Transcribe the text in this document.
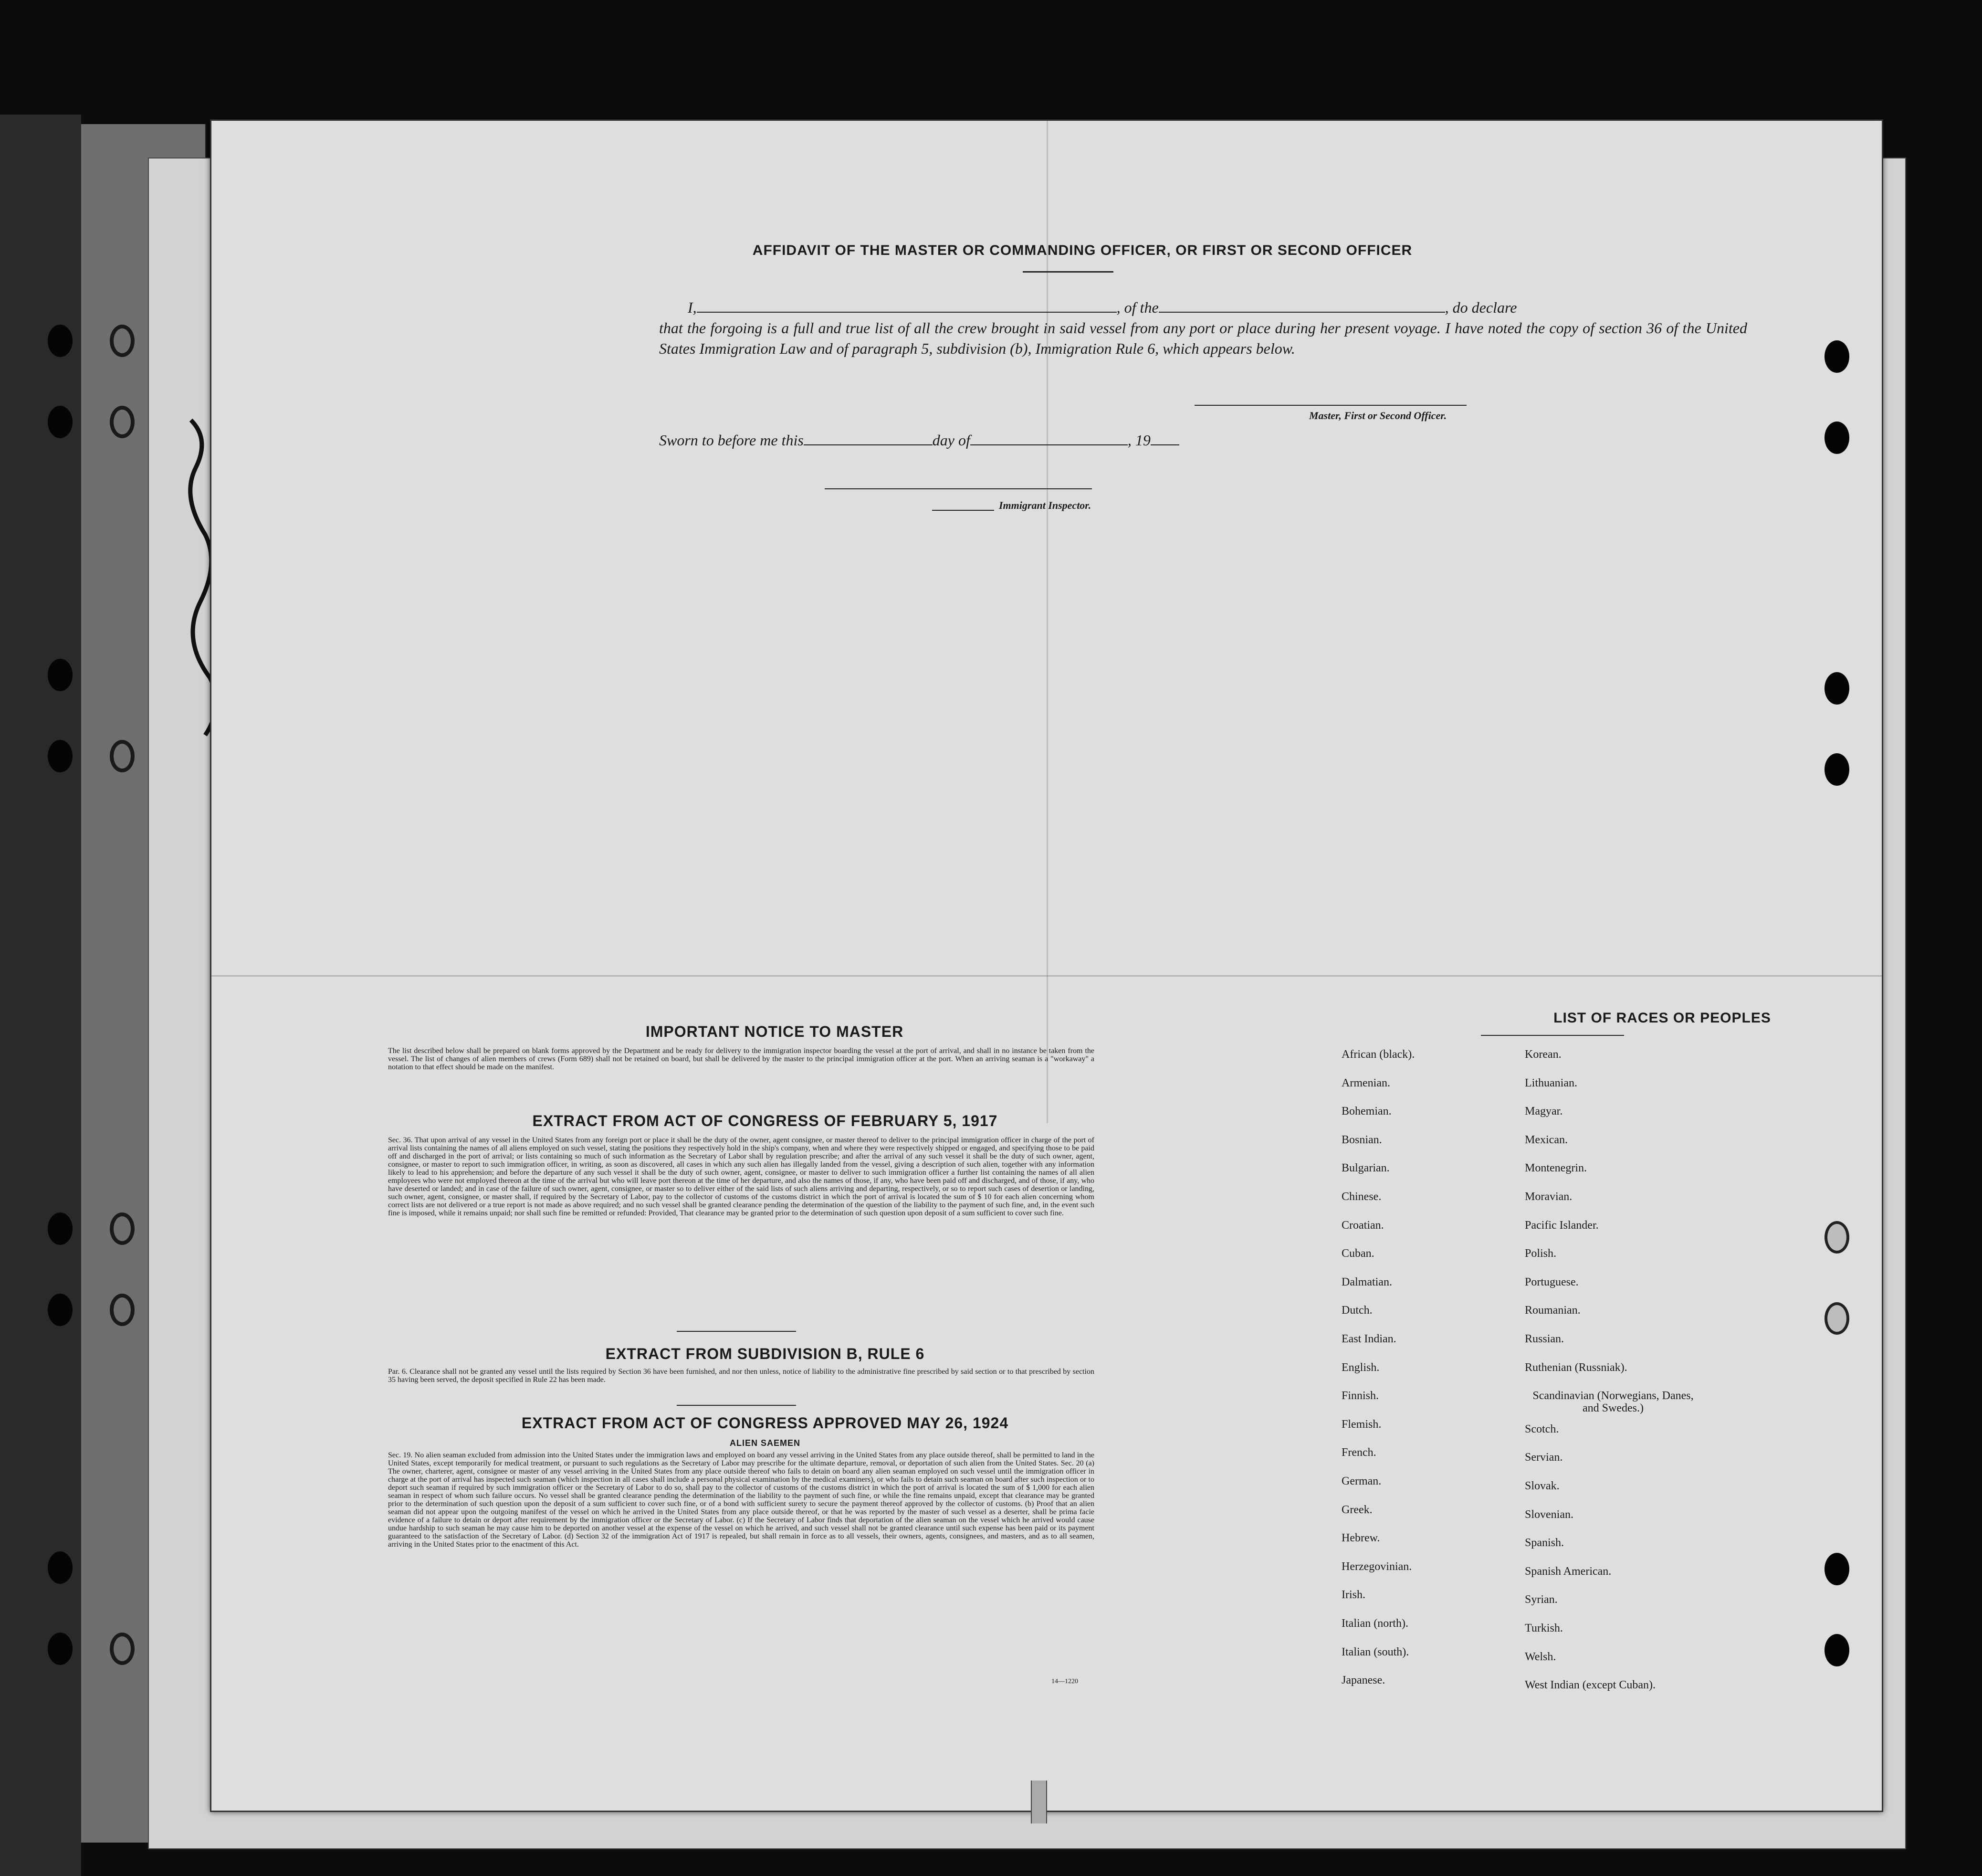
AFFIDAVIT OF THE MASTER OR COMMANDING OFFICER, OR FIRST OR SECOND OFFICER
I,	, of the	, do declare
that the forgoing is a full and true list of all the crew brought in said vessel from any port or place during her present voyage. I have noted the copy of section 36 of the United States Immigration Law and of paragraph 5, subdivision (b), Immigration Rule 6, which appears below.
Master, First or Second Officer.
Sworn to before me this	day of	, 19
Immigrant Inspector.
IMPORTANT NOTICE TO MASTER
The list described below shall be prepared on blank forms approved by the Department and be ready for delivery to the immigration inspector boarding the vessel at the port of arrival, and shall in no instance be taken from the vessel. The list of changes of alien members of crews (Form 689) shall not be retained on board, but shall be delivered by the master to the principal immigration officer at the port. When an arriving seaman is a "workaway" a notation to that effect should be made on the manifest.
EXTRACT FROM ACT OF CONGRESS OF FEBRUARY 5, 1917
Sec. 36. That upon arrival of any vessel in the United States from any foreign port or place it shall be the duty of the owner, agent consignee, or master thereof to deliver to the principal immigration officer in charge of the port of arrival lists containing the names of all aliens employed on such vessel, stating the positions they respectively hold in the ship's company, when and where they were respectively shipped or engaged, and specifying those to be paid off and discharged in the port of arrival; or lists containing so much of such information as the Secretary of Labor shall by regulation prescribe; and after the arrival of any such vessel it shall be the duty of such owner, agent, consignee, or master to report to such immigration officer, in writing, as soon as discovered, all cases in which any such alien has illegally landed from the vessel, giving a description of such alien, together with any information likely to lead to his apprehension; and before the departure of any such vessel it shall be the duty of such owner, agent, consignee, or master to deliver to such immigration officer a further list containing the names of all alien employees who were not employed thereon at the time of the arrival but who will leave port thereon at the time of her departure, and also the names of those, if any, who have been paid off and discharged, and of those, if any, who have deserted or landed; and in case of the failure of such owner, agent, consignee, or master so to deliver either of the said lists of such aliens arriving and departing, respectively, or so to report such cases of desertion or landing, such owner, agent, consignee, or master shall, if required by the Secretary of Labor, pay to the collector of customs of the customs district in which the port of arrival is located the sum of $ 10 for each alien concerning whom correct lists are not delivered or a true report is not made as above required; and no such vessel shall be granted clearance pending the determination of the question of the liability to the payment of such fine, and, in the event such fine is imposed, while it remains unpaid; nor shall such fine be remitted or refunded: Provided, That clearance may be granted prior to the determination of such question upon deposit of a sum sufficient to cover such fine.
EXTRACT FROM SUBDIVISION B, RULE 6
Par. 6. Clearance shall not be granted any vessel until the lists required by Section 36 have been furnished, and nor then unless, notice of liability to the administrative fine prescribed by said section or to that prescribed by section 35 having been served, the deposit specified in Rule 22 has been made.
EXTRACT FROM ACT OF CONGRESS APPROVED MAY 26, 1924
ALIEN SAEMEN
Sec. 19. No alien seaman excluded from admission into the United States under the immigration laws and employed on board any vessel arriving in the United States from any place outside thereof, shall be permitted to land in the United States, except temporarily for medical treatment, or pursuant to such regulations as the Secretary of Labor may prescribe for the ultimate departure, removal, or deportation of such alien from the United States. Sec. 20 (a) The owner, charterer, agent, consignee or master of any vessel arriving in the United States from any place outside thereof who fails to detain on board any alien seaman employed on such vessel until the immigration officer in charge at the port of arrival has inspected such seaman (which inspection in all cases shall include a personal physical examination by the medical examiners), or who fails to detain such seaman on board after such inspection or to deport such seaman if required by such immigration officer or the Secretary of Labor to do so, shall pay to the collector of customs of the customs district in which the port of arrival is located the sum of $ 1,000 for each alien seaman in respect of whom such failure occurs. No vessel shall be granted clearance pending the determination of the liability to the payment of such fine, or while the fine remains unpaid, except that clearance may be granted prior to the determination of such question upon the deposit of a sum sufficient to cover such fine, or of a bond with sufficient surety to secure the payment thereof approved by the collector of customs. (b) Proof that an alien seaman did not appear upon the outgoing manifest of the vessel on which he arrived in the United States from any place outside thereof, or that he was reported by the master of such vessel as a deserter, shall be prima facie evidence of a failure to detain or deport after requirement by the immigration officer or the Secretary of Labor. (c) If the Secretary of Labor finds that deportation of the alien seaman on the vessel which he arrived would cause undue hardship to such seaman he may cause him to be deported on another vessel at the expense of the vessel on which he arrived, and such vessel shall not be granted clearance until such expense has been paid or its payment guaranteed to the satisfaction of the Secretary of Labor. (d) Section 32 of the immigration Act of 1917 is repealed, but shall remain in force as to all vessels, their owners, agents, consignees, and masters, and as to all seamen, arriving in the United States prior to the enactment of this Act.
14—1220
LIST OF RACES OR PEOPLES
African (black).
Armenian.
Bohemian.
Bosnian.
Bulgarian.
Chinese.
Croatian.
Cuban.
Dalmatian.
Dutch.
East Indian.
English.
Finnish.
Flemish.
French.
German.
Greek.
Hebrew.
Herzegovinian.
Irish.
Italian (north).
Italian (south).
Japanese.
Korean.
Lithuanian.
Magyar.
Mexican.
Montenegrin.
Moravian.
Pacific Islander.
Polish.
Portuguese.
Roumanian.
Russian.
Ruthenian (Russniak).
Scandinavian (Norwegians, Danes, and Swedes.)
Scotch.
Servian.
Slovak.
Slovenian.
Spanish.
Spanish American.
Syrian.
Turkish.
Welsh.
West Indian (except Cuban).
